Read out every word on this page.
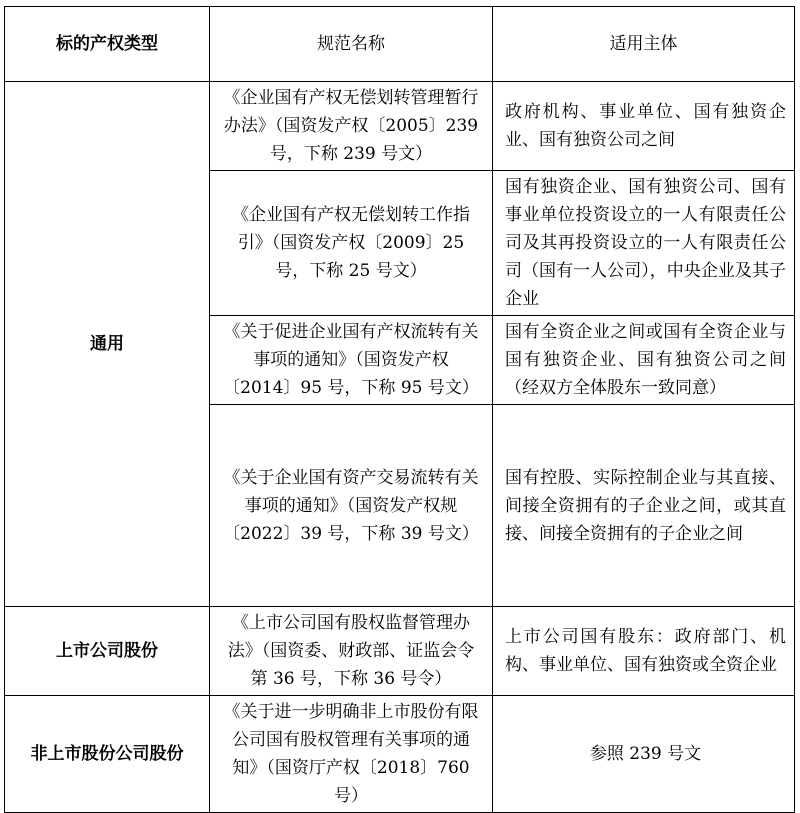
标的产权类型	规范名称	适用主体
通用	《企业国有产权无偿划转管理暂行办法》（国资发产权〔2005〕239 号，下称 239 号文）	政府机构、事业单位、国有独资企业、国有独资公司之间
	《企业国有产权无偿划转工作指引》（国资发产权〔2009〕25 号，下称 25 号文）	国有独资企业、国有独资公司、国有事业单位投资设立的一人有限责任公司及其再投资设立的一人有限责任公司（国有一人公司），中央企业及其子企业
	《关于促进企业国有产权流转有关事项的通知》（国资发产权〔2014〕95 号，下称 95 号文）	国有全资企业之间或国有全资企业与国有独资企业、国有独资公司之间（经双方全体股东一致同意）
	《关于企业国有资产交易流转有关事项的通知》（国资发产权规〔2022〕39 号，下称 39 号文）	国有控股、实际控制企业与其直接、间接全资拥有的子企业之间，或其直接、间接全资拥有的子企业之间
上市公司股份	《上市公司国有股权监督管理办法》（国资委、财政部、证监会令第 36 号，下称 36 号令）	上市公司国有股东：政府部门、机构、事业单位、国有独资或全资企业
非上市股份公司股份	《关于进一步明确非上市股份有限公司国有股权管理有关事项的通知》（国资厅产权〔2018〕760 号）	参照 239 号文
